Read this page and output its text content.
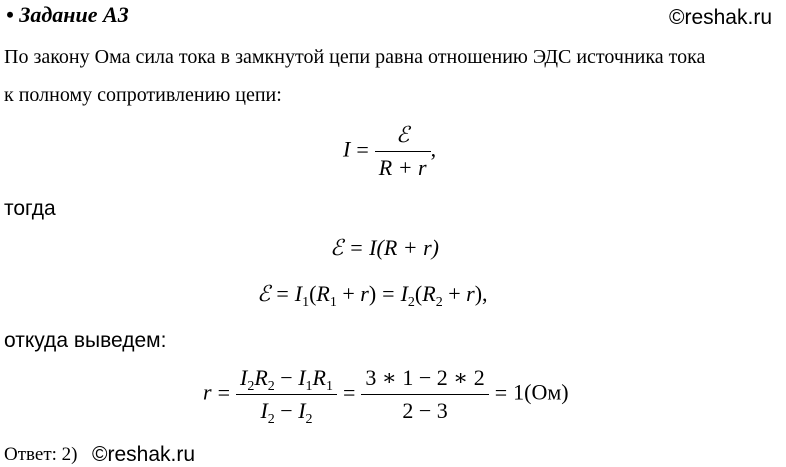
• Задание А3	©reshak.ru
По закону Ома сила тока в замкнутой цепи равна отношению ЭДС источника тока
к полному сопротивлению цепи:
$I = \frac{\text{ℰ}}{R + r}$ ,
тогда
ℰ = I(R + r)
ℰ = $I_1(R_1 + r) = I_2(R_2 + r)$,
откуда выведем:
$r = \frac{I_2R_2 - I_1R_1}{I_2 - I_2} = \frac{3 ∗ 1 - 2 ∗ 2}{2 - 3} = 1(Ом)$
Ответ: 2) ©reshak.ru
